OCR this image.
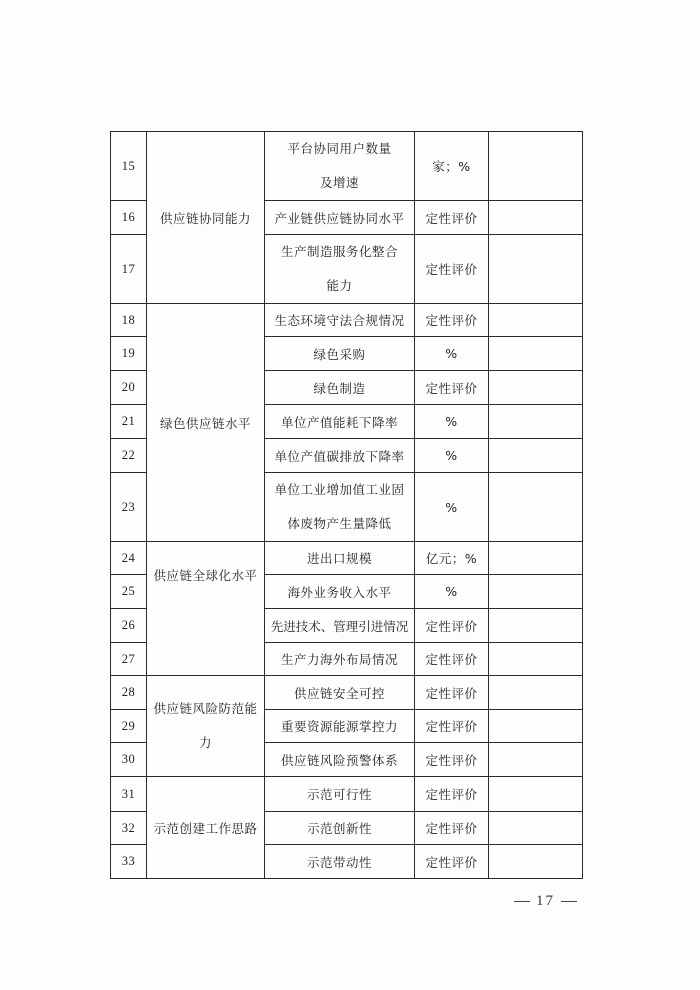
15	供应链协同能力	平台协同用户数量
及增速	家；%	
16		产业链供应链协同水平	定性评价	
17		生产制造服务化整合
能力	定性评价	
18	绿色供应链水平	生态环境守法合规情况	定性评价	
19		绿色采购	%	
20		绿色制造	定性评价	
21		单位产值能耗下降率	%	
22		单位产值碳排放下降率	%	
23		单位工业增加值工业固
体废物产生量降低	%	
24	供应链全球化水平	进出口规模	亿元；%	
25		海外业务收入水平	%	
26		先进技术、管理引进情况	定性评价	
27		生产力海外布局情况	定性评价	
28	供应链风险防范能
力	供应链安全可控	定性评价	
29		重要资源能源掌控力	定性评价	
30		供应链风险预警体系	定性评价	
31	示范创建工作思路	示范可行性	定性评价	
32		示范创新性	定性评价	
33		示范带动性	定性评价	
17
